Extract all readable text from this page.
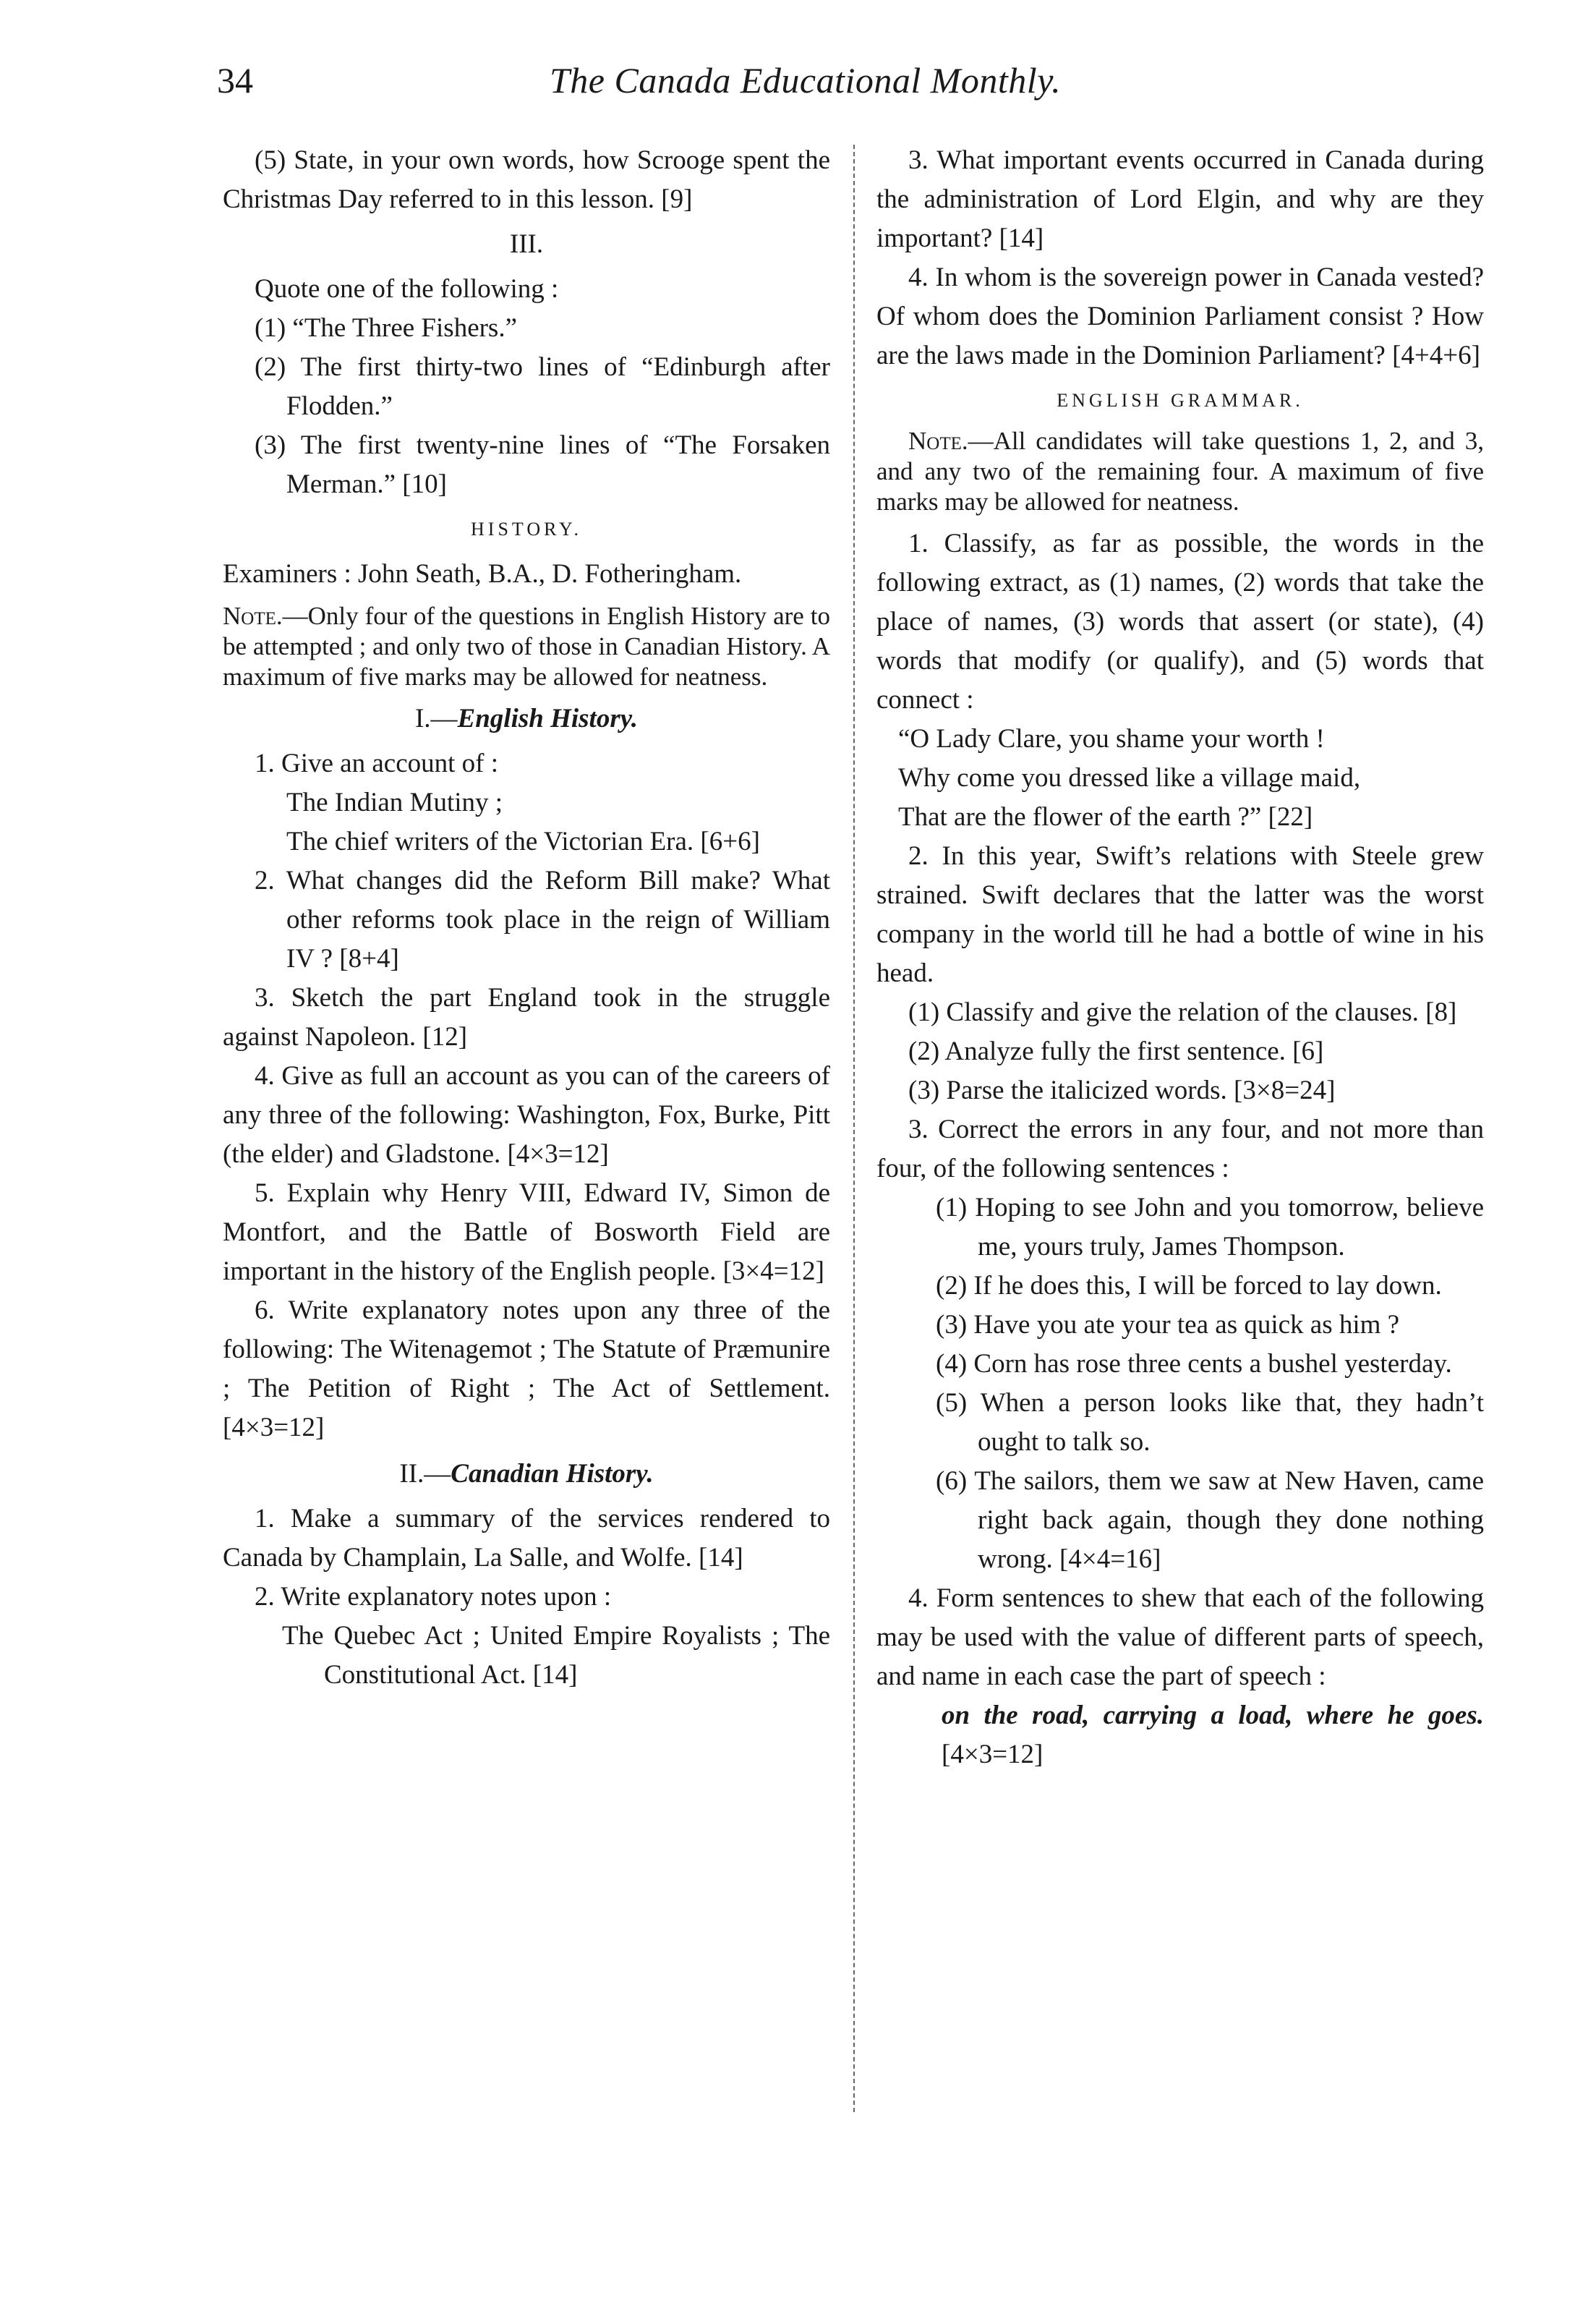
34	The Canada Educational Monthly.

(5) State, in your own words, how Scrooge spent the Christmas Day referred to in this lesson. [9]

III.

Quote one of the following :

(1) “The Three Fishers.”

(2) The first thirty-two lines of “Edinburgh after Flodden.”

(3) The first twenty-nine lines of “The Forsaken Merman.” [10]

HISTORY.

Examiners : John Seath, B.A., D. Fotheringham.

Note.—Only four of the questions in English History are to be attempted ; and only two of those in Canadian History. A maximum of five marks may be allowed for neatness.

I.—English History.

1. Give an account of :

The Indian Mutiny ;

The chief writers of the Victorian Era. [6+6]

2. What changes did the Reform Bill make? What other reforms took place in the reign of William IV ? [8+4]

3. Sketch the part England took in the struggle against Napoleon. [12]

4. Give as full an account as you can of the careers of any three of the following: Washington, Fox, Burke, Pitt (the elder) and Gladstone. [4×3=12]

5. Explain why Henry VIII, Edward IV, Simon de Montfort, and the Battle of Bosworth Field are important in the history of the English people. [3×4=12]

6. Write explanatory notes upon any three of the following: The Witenagemot ; The Statute of Præmunire ; The Petition of Right ; The Act of Settlement. [4×3=12]

II.—Canadian History.

1. Make a summary of the services rendered to Canada by Champlain, La Salle, and Wolfe. [14]

2. Write explanatory notes upon :

The Quebec Act ; United Empire Royalists ; The Constitutional Act. [14]

3. What important events occurred in Canada during the administration of Lord Elgin, and why are they important? [14]

4. In whom is the sovereign power in Canada vested? Of whom does the Dominion Parliament consist ? How are the laws made in the Dominion Parliament? [4+4+6]

ENGLISH GRAMMAR.

Note.—All candidates will take questions 1, 2, and 3, and any two of the remaining four. A maximum of five marks may be allowed for neatness.

1. Classify, as far as possible, the words in the following extract, as (1) names, (2) words that take the place of names, (3) words that assert (or state), (4) words that modify (or qualify), and (5) words that connect :

“O Lady Clare, you shame your worth !

Why come you dressed like a village maid,

That are the flower of the earth ?” [22]

2. In this year, Swift’s relations with Steele grew strained. Swift declares that the latter was the worst company in the world till he had a bottle of wine in his head.

(1) Classify and give the relation of the clauses. [8]

(2) Analyze fully the first sentence. [6]

(3) Parse the italicized words. [3×8=24]

3. Correct the errors in any four, and not more than four, of the following sentences :

(1) Hoping to see John and you tomorrow, believe me, yours truly, James Thompson.

(2) If he does this, I will be forced to lay down.

(3) Have you ate your tea as quick as him ?

(4) Corn has rose three cents a bushel yesterday.

(5) When a person looks like that, they hadn’t ought to talk so.

(6) The sailors, them we saw at New Haven, came right back again, though they done nothing wrong. [4×4=16]

4. Form sentences to shew that each of the following may be used with the value of different parts of speech, and name in each case the part of speech :

on the road, carrying a load, where he goes. [4×3=12]
